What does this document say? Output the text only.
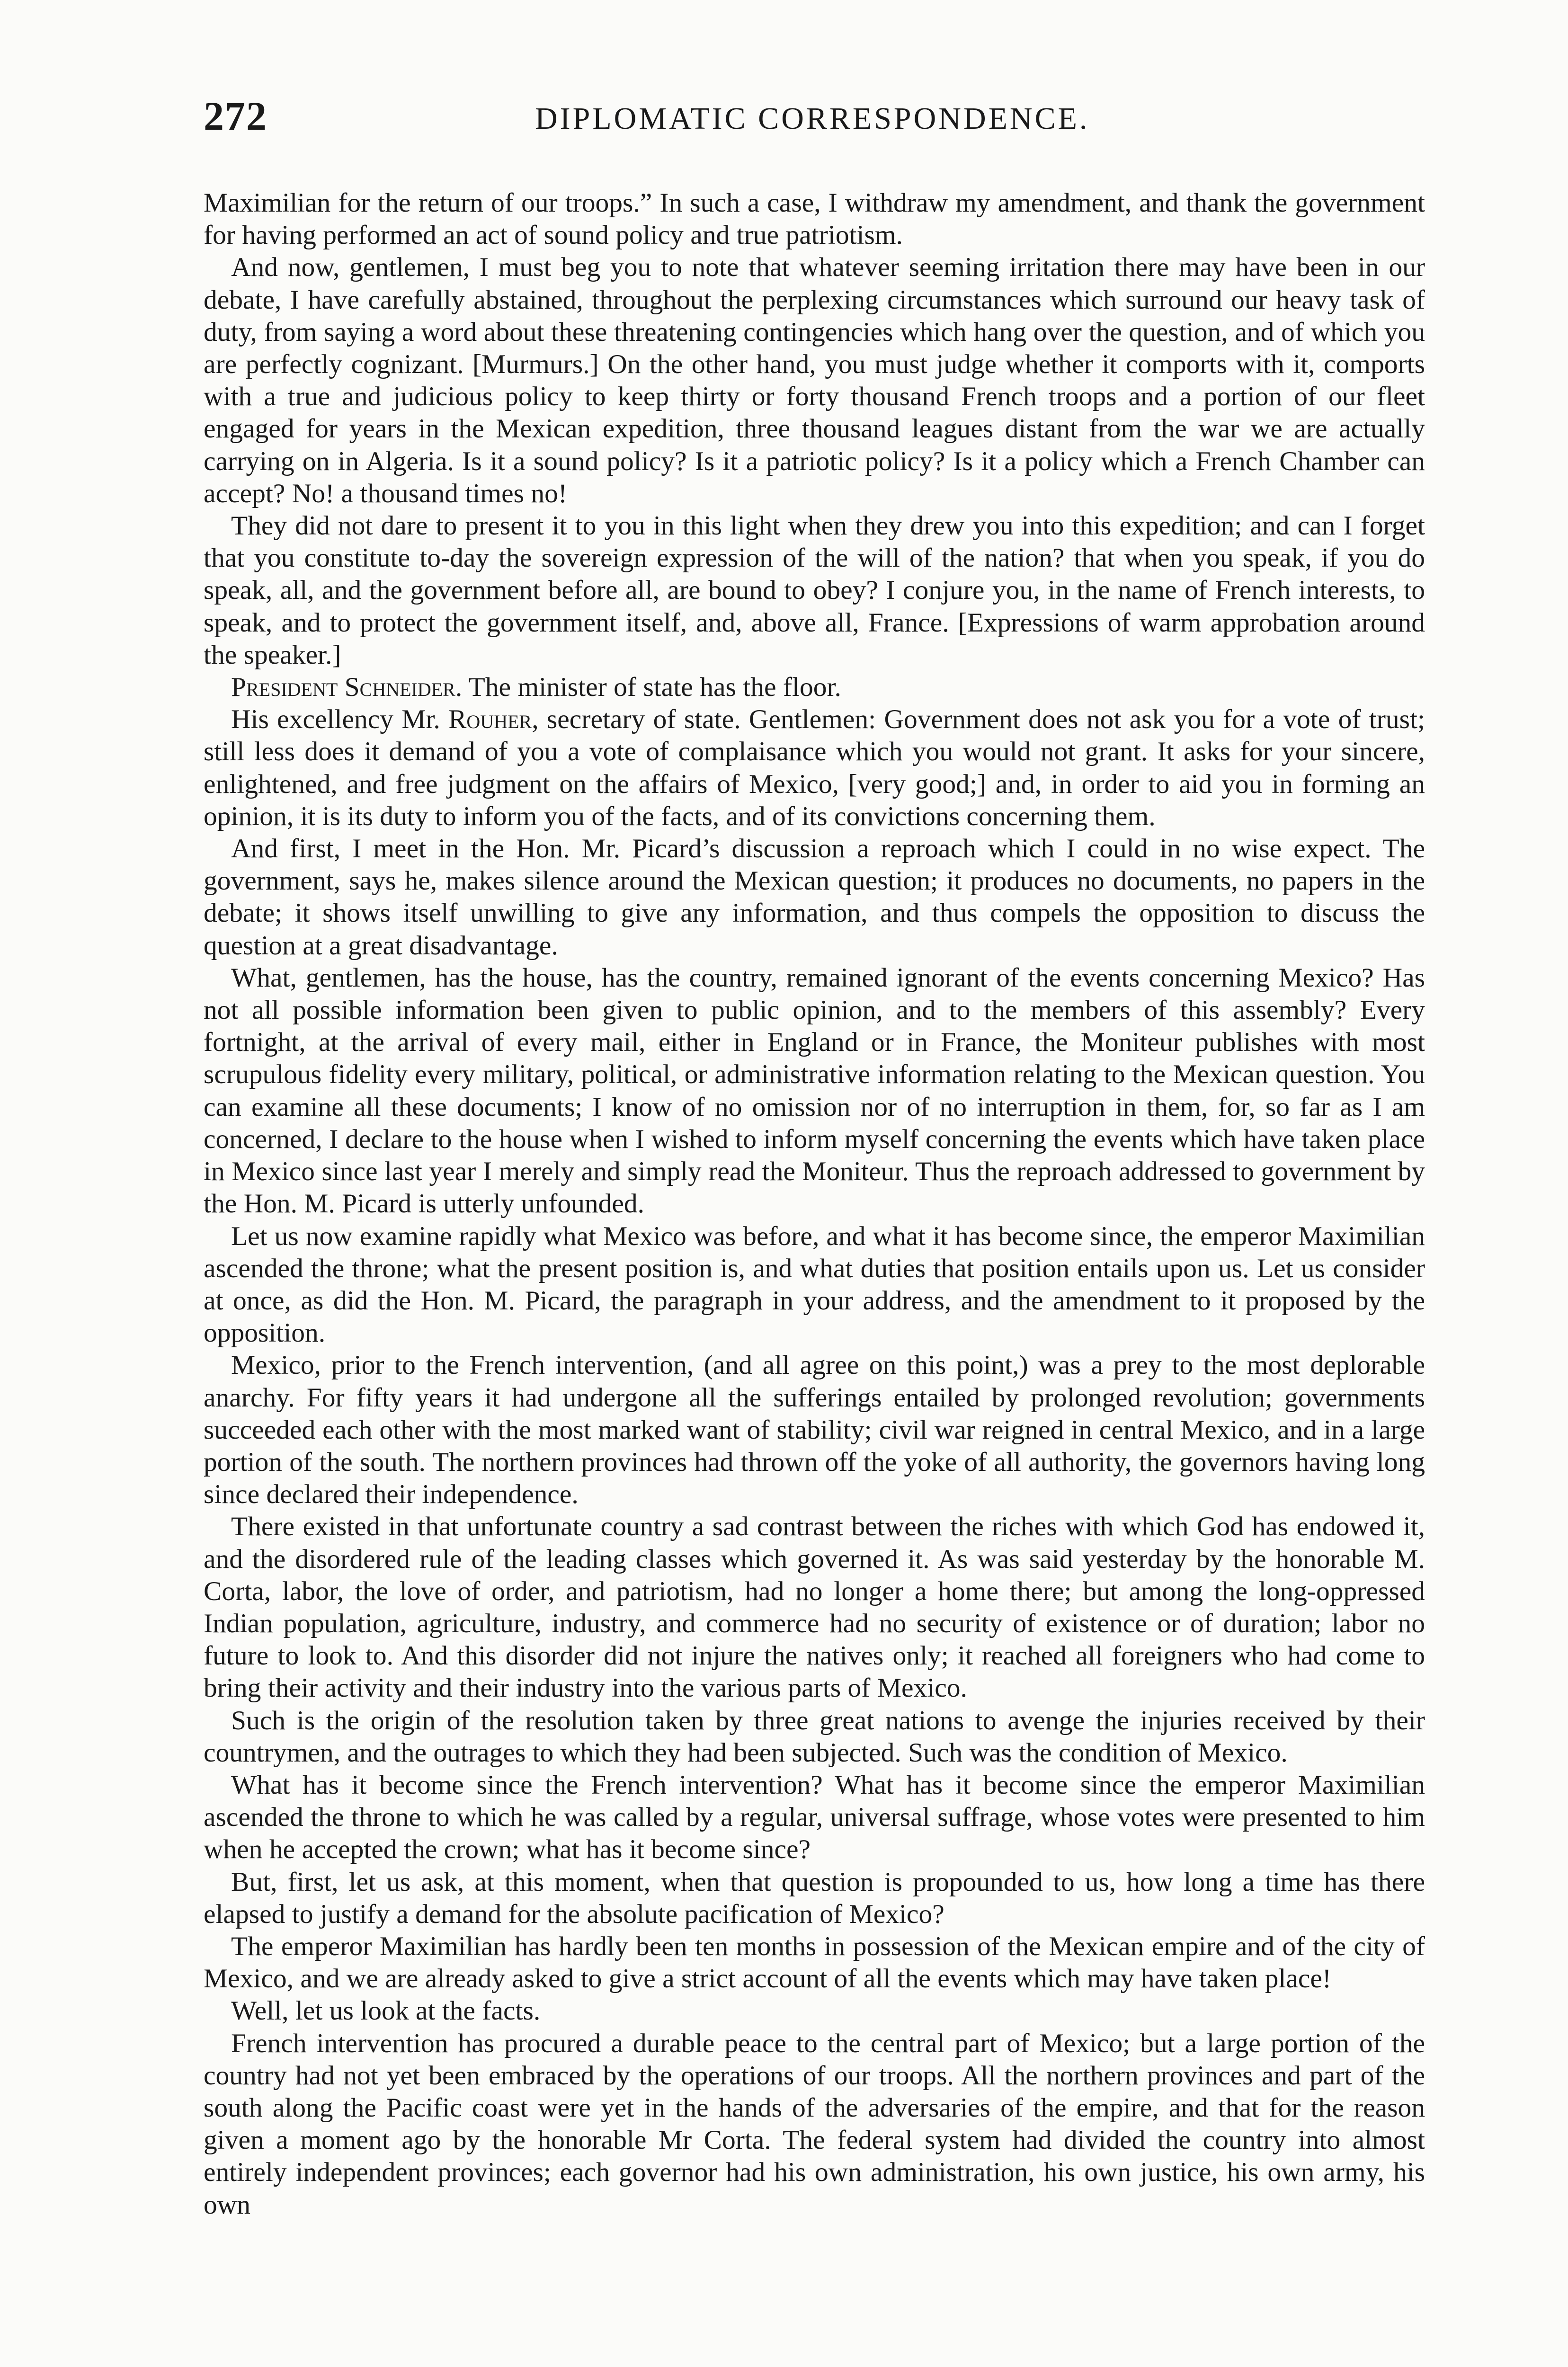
272	DIPLOMATIC CORRESPONDENCE.

Maximilian for the return of our troops.” In such a case, I withdraw my amendment, and thank the government for having performed an act of sound policy and true patriotism.

And now, gentlemen, I must beg you to note that whatever seeming irritation there may have been in our debate, I have carefully abstained, throughout the perplexing circumstances which surround our heavy task of duty, from saying a word about these threatening contingencies which hang over the question, and of which you are perfectly cognizant. [Murmurs.] On the other hand, you must judge whether it comports with it, comports with a true and judicious policy to keep thirty or forty thousand French troops and a portion of our fleet engaged for years in the Mexican expedition, three thousand leagues distant from the war we are actually carrying on in Algeria. Is it a sound policy? Is it a patriotic policy? Is it a policy which a French Chamber can accept? No! a thousand times no!

They did not dare to present it to you in this light when they drew you into this expedition; and can I forget that you constitute to-day the sovereign expression of the will of the nation? that when you speak, if you do speak, all, and the government before all, are bound to obey? I conjure you, in the name of French interests, to speak, and to protect the government itself, and, above all, France. [Expressions of warm approbation around the speaker.]

President Schneider. The minister of state has the floor.

His excellency Mr. Rouher, secretary of state. Gentlemen: Government does not ask you for a vote of trust; still less does it demand of you a vote of complaisance which you would not grant. It asks for your sincere, enlightened, and free judgment on the affairs of Mexico, [very good;] and, in order to aid you in forming an opinion, it is its duty to inform you of the facts, and of its convictions concerning them.

And first, I meet in the Hon. Mr. Picard’s discussion a reproach which I could in no wise expect. The government, says he, makes silence around the Mexican question; it produces no documents, no papers in the debate; it shows itself unwilling to give any information, and thus compels the opposition to discuss the question at a great disadvantage.

What, gentlemen, has the house, has the country, remained ignorant of the events concerning Mexico? Has not all possible information been given to public opinion, and to the members of this assembly? Every fortnight, at the arrival of every mail, either in England or in France, the Moniteur publishes with most scrupulous fidelity every military, political, or administrative information relating to the Mexican question. You can examine all these documents; I know of no omission nor of no interruption in them, for, so far as I am concerned, I declare to the house when I wished to inform myself concerning the events which have taken place in Mexico since last year I merely and simply read the Moniteur. Thus the reproach addressed to government by the Hon. M. Picard is utterly unfounded.

Let us now examine rapidly what Mexico was before, and what it has become since, the emperor Maximilian ascended the throne; what the present position is, and what duties that position entails upon us. Let us consider at once, as did the Hon. M. Picard, the paragraph in your address, and the amendment to it proposed by the opposition.

Mexico, prior to the French intervention, (and all agree on this point,) was a prey to the most deplorable anarchy. For fifty years it had undergone all the sufferings entailed by prolonged revolution; governments succeeded each other with the most marked want of stability; civil war reigned in central Mexico, and in a large portion of the south. The northern provinces had thrown off the yoke of all authority, the governors having long since declared their independence.

There existed in that unfortunate country a sad contrast between the riches with which God has endowed it, and the disordered rule of the leading classes which governed it. As was said yesterday by the honorable M. Corta, labor, the love of order, and patriotism, had no longer a home there; but among the long-oppressed Indian population, agriculture, industry, and commerce had no security of existence or of duration; labor no future to look to. And this disorder did not injure the natives only; it reached all foreigners who had come to bring their activity and their industry into the various parts of Mexico.

Such is the origin of the resolution taken by three great nations to avenge the injuries received by their countrymen, and the outrages to which they had been subjected. Such was the condition of Mexico.

What has it become since the French intervention? What has it become since the emperor Maximilian ascended the throne to which he was called by a regular, universal suffrage, whose votes were presented to him when he accepted the crown; what has it become since?

But, first, let us ask, at this moment, when that question is propounded to us, how long a time has there elapsed to justify a demand for the absolute pacification of Mexico?

The emperor Maximilian has hardly been ten months in possession of the Mexican empire and of the city of Mexico, and we are already asked to give a strict account of all the events which may have taken place!

Well, let us look at the facts.

French intervention has procured a durable peace to the central part of Mexico; but a large portion of the country had not yet been embraced by the operations of our troops. All the northern provinces and part of the south along the Pacific coast were yet in the hands of the adversaries of the empire, and that for the reason given a moment ago by the honorable Mr Corta. The federal system had divided the country into almost entirely independent provinces; each governor had his own administration, his own justice, his own army, his own
